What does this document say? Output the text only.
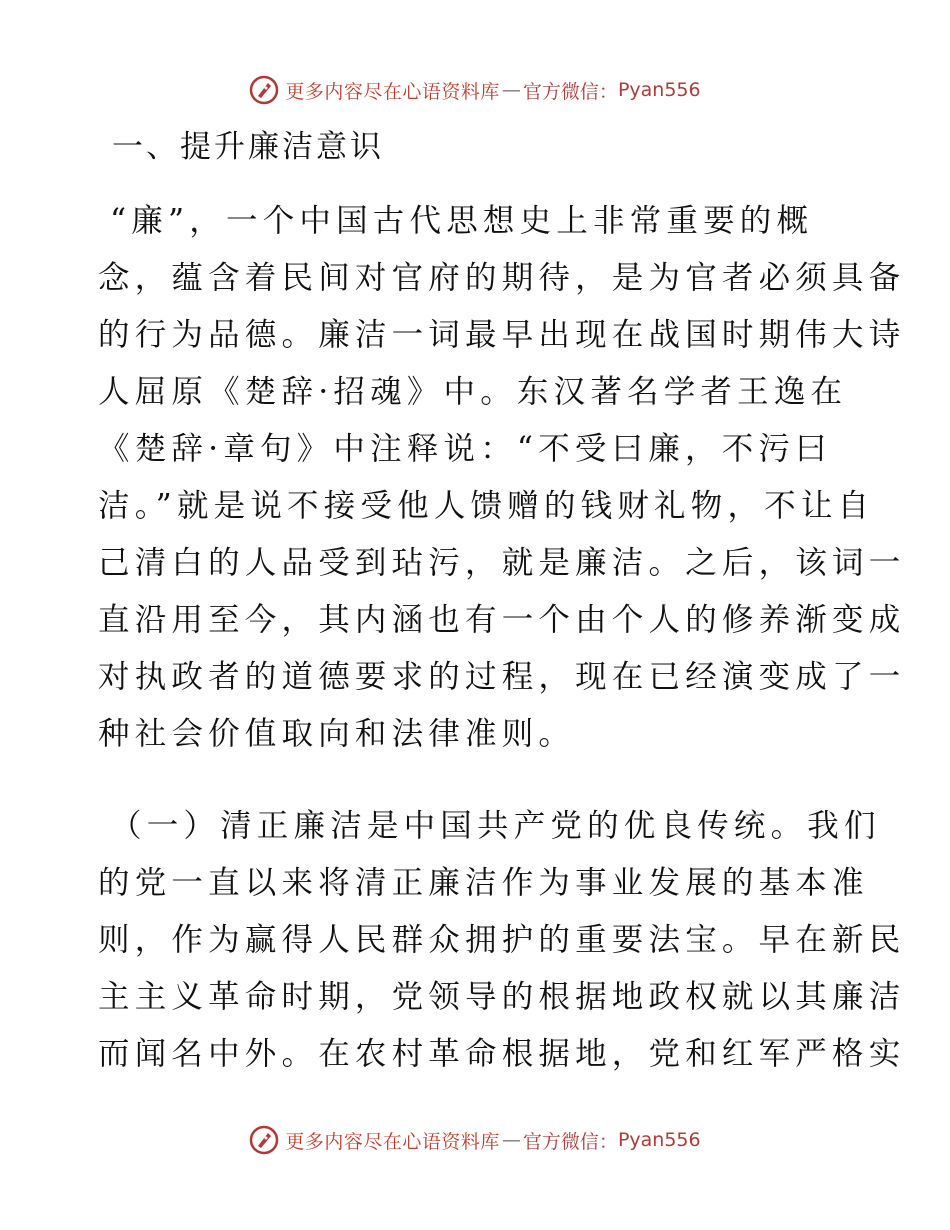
更多内容尽在心语资料库 — 官方微信： Pyan556
一、提升廉洁意识
“廉”，一个中国古代思想史上非常重要的概
念，蕴含着民间对官府的期待，是为官者必须具备
的行为品德。廉洁一词最早出现在战国时期伟大诗
人屈原《楚辞·招魂》中。东汉著名学者王逸在
《楚辞·章句》中注释说：“不受曰廉，不污曰
洁。”就是说不接受他人馈赠的钱财礼物，不让自
己清白的人品受到玷污，就是廉洁。之后，该词一
直沿用至今，其内涵也有一个由个人的修养渐变成
对执政者的道德要求的过程，现在已经演变成了一
种社会价值取向和法律准则。
（一）清正廉洁是中国共产党的优良传统。我们
的党一直以来将清正廉洁作为事业发展的基本准
则，作为赢得人民群众拥护的重要法宝。早在新民
主主义革命时期，党领导的根据地政权就以其廉洁
而闻名中外。在农村革命根据地，党和红军严格实
更多内容尽在心语资料库 — 官方微信： Pyan556
